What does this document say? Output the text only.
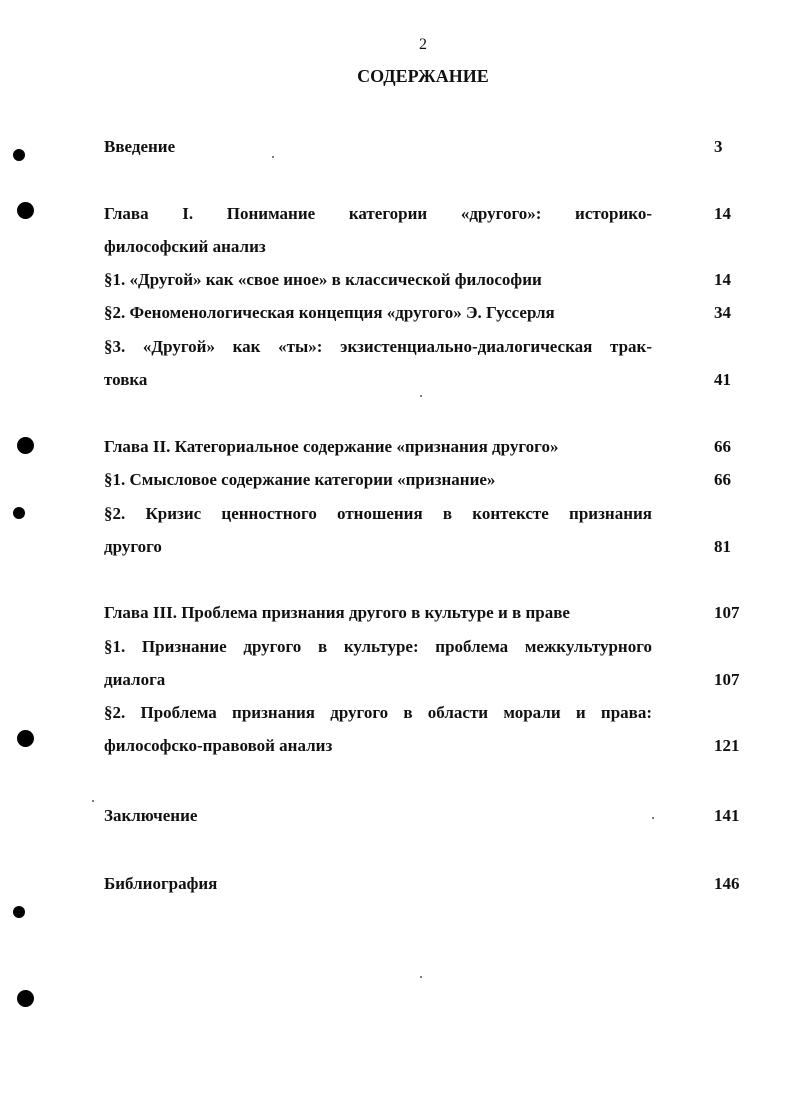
2
СОДЕРЖАНИЕ
Введение	3
Глава I. Понимание категории «другого»: историко-	14
философский анализ
§1. «Другой» как «свое иное» в классической философии	14
§2. Феноменологическая концепция «другого» Э. Гуссерля	34
§3. «Другой» как «ты»: экзистенциально-диалогическая трак-
товка	41
Глава II. Категориальное содержание «признания другого»	66
§1. Смысловое содержание категории «признание»	66
§2. Кризис ценностного отношения в контексте признания
другого	81
Глава III. Проблема признания другого в культуре и в праве	107
§1. Признание другого в культуре: проблема межкультурного
диалога	107
§2. Проблема признания другого в области морали и права:
философско-правовой анализ	121
Заключение	141
Библиография	146
